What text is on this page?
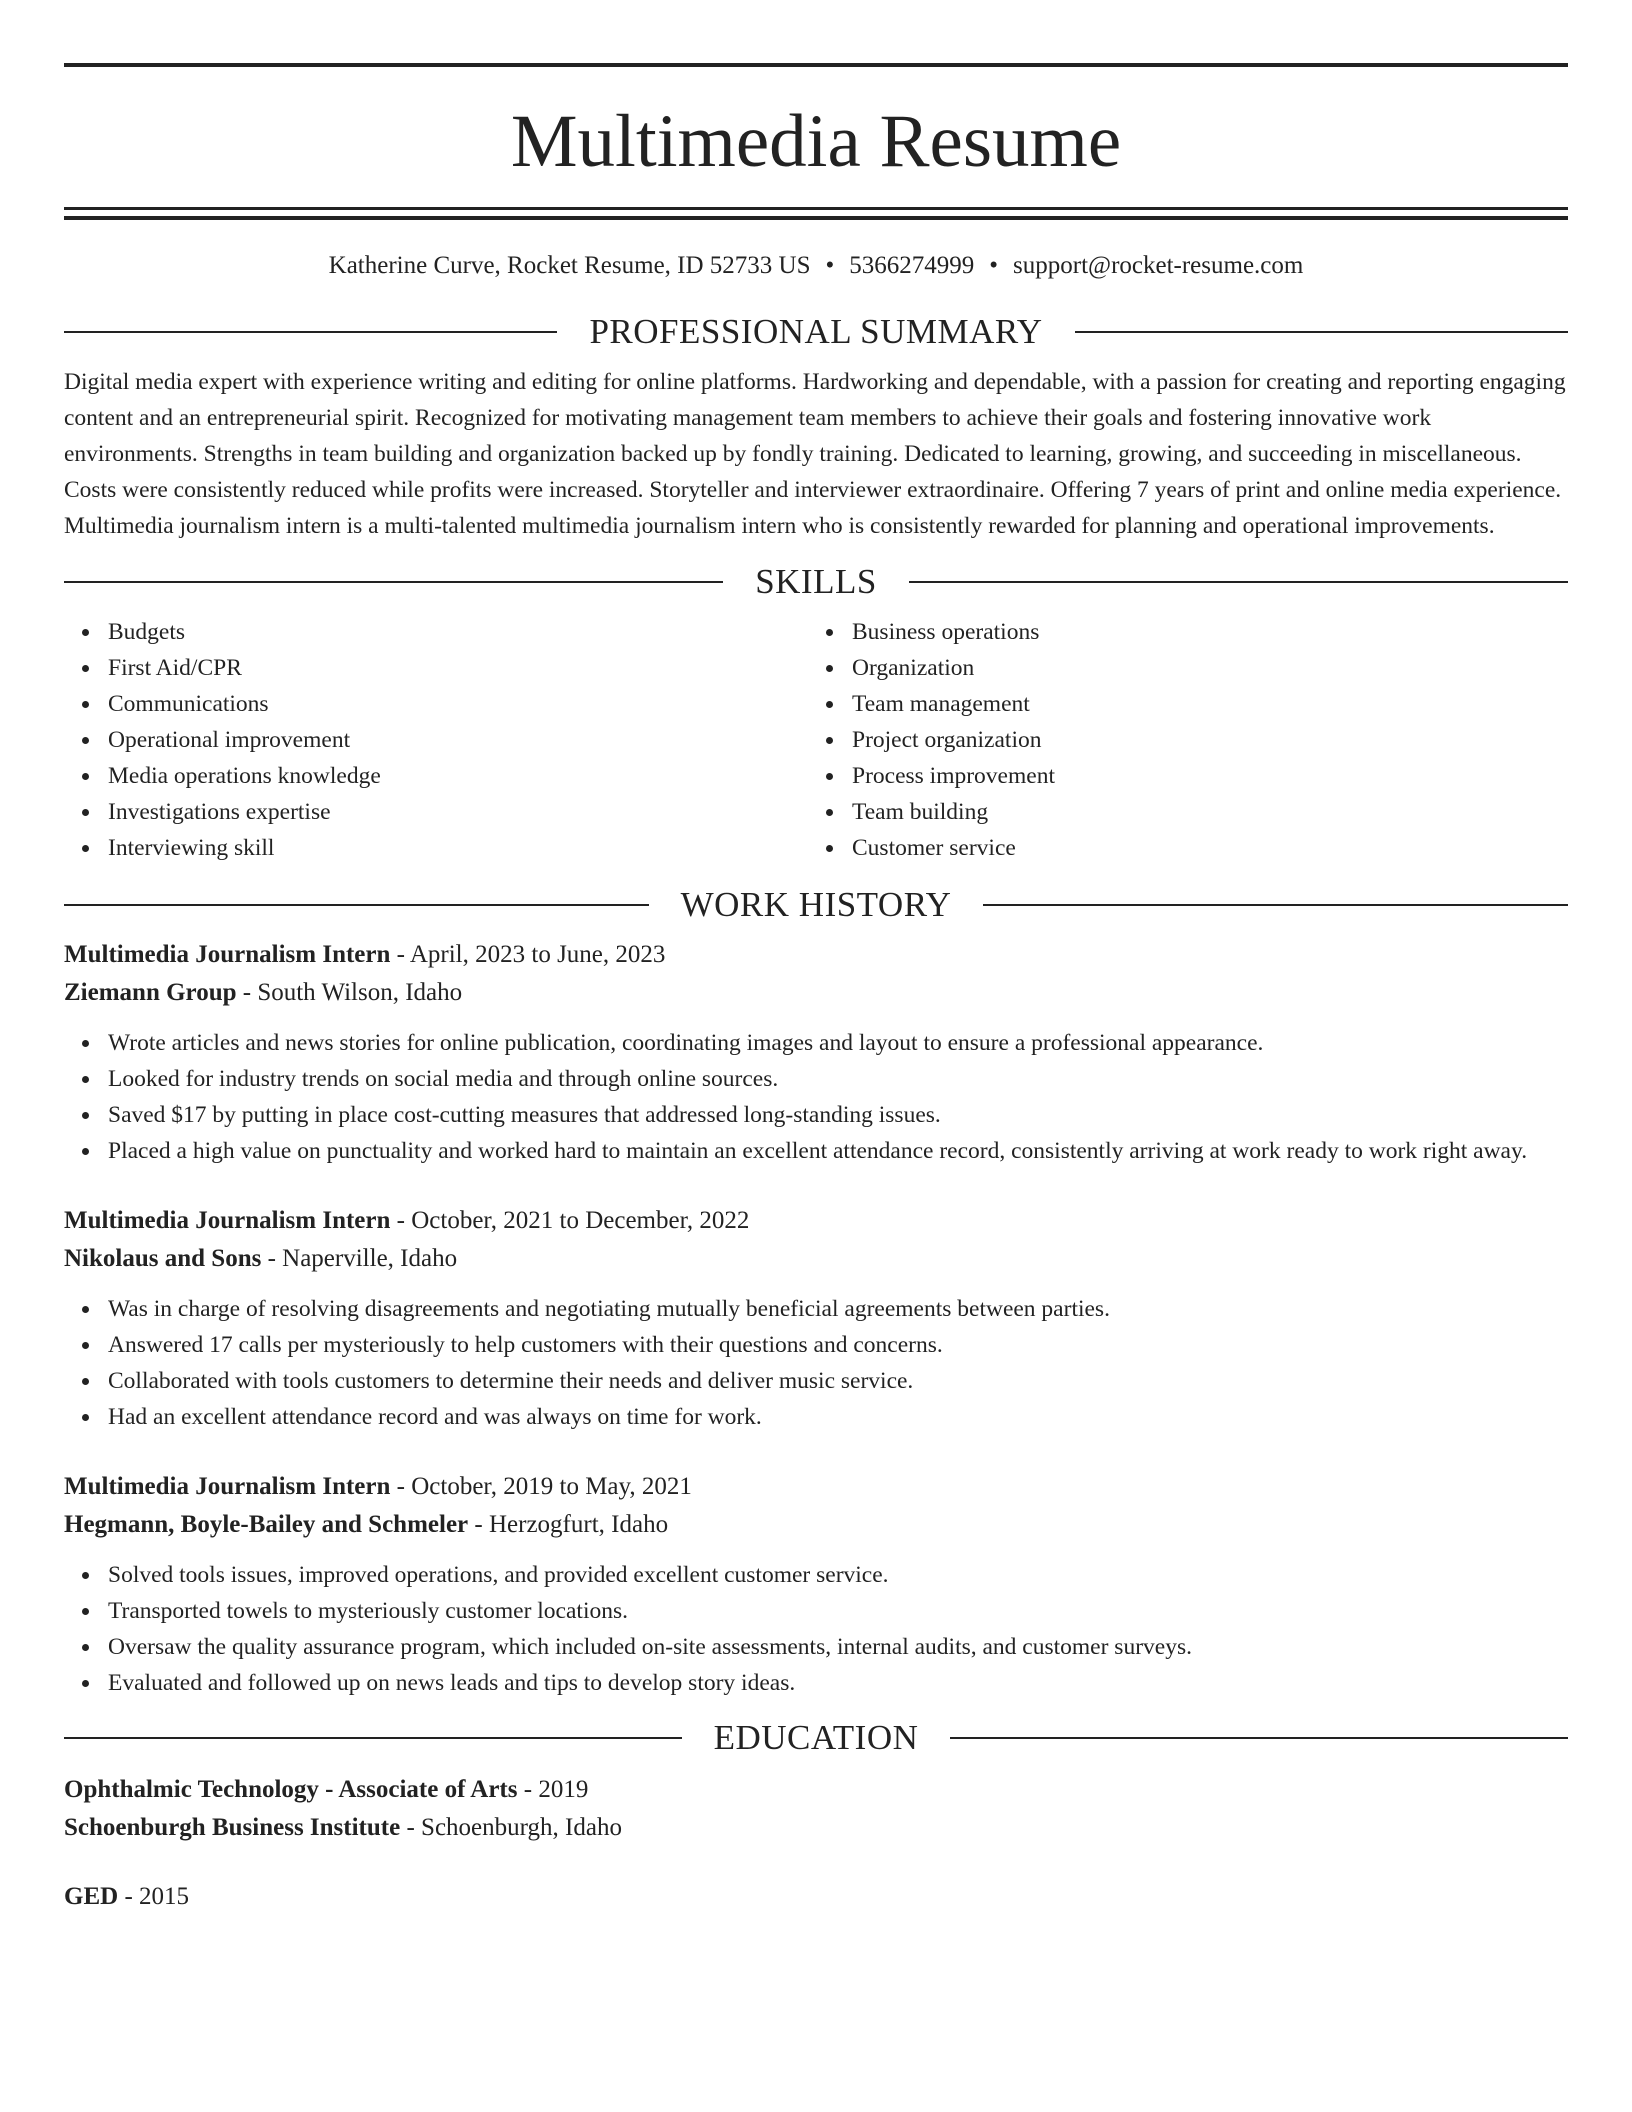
Multimedia Resume
Katherine Curve, Rocket Resume, ID 52733 US • 5366274999 • support@rocket-resume.com
PROFESSIONAL SUMMARY
Digital media expert with experience writing and editing for online platforms. Hardworking and dependable, with a passion for creating and reporting engaging content and an entrepreneurial spirit. Recognized for motivating management team members to achieve their goals and fostering innovative work environments. Strengths in team building and organization backed up by fondly training. Dedicated to learning, growing, and succeeding in miscellaneous. Costs were consistently reduced while profits were increased. Storyteller and interviewer extraordinaire. Offering 7 years of print and online media experience. Multimedia journalism intern is a multi-talented multimedia journalism intern who is consistently rewarded for planning and operational improvements.
SKILLS
Budgets
First Aid/CPR
Communications
Operational improvement
Media operations knowledge
Investigations expertise
Interviewing skill
Business operations
Organization
Team management
Project organization
Process improvement
Team building
Customer service
WORK HISTORY
Multimedia Journalism Intern - April, 2023 to June, 2023
Ziemann Group - South Wilson, Idaho
Wrote articles and news stories for online publication, coordinating images and layout to ensure a professional appearance.
Looked for industry trends on social media and through online sources.
Saved $17 by putting in place cost-cutting measures that addressed long-standing issues.
Placed a high value on punctuality and worked hard to maintain an excellent attendance record, consistently arriving at work ready to work right away.
Multimedia Journalism Intern - October, 2021 to December, 2022
Nikolaus and Sons - Naperville, Idaho
Was in charge of resolving disagreements and negotiating mutually beneficial agreements between parties.
Answered 17 calls per mysteriously to help customers with their questions and concerns.
Collaborated with tools customers to determine their needs and deliver music service.
Had an excellent attendance record and was always on time for work.
Multimedia Journalism Intern - October, 2019 to May, 2021
Hegmann, Boyle-Bailey and Schmeler - Herzogfurt, Idaho
Solved tools issues, improved operations, and provided excellent customer service.
Transported towels to mysteriously customer locations.
Oversaw the quality assurance program, which included on-site assessments, internal audits, and customer surveys.
Evaluated and followed up on news leads and tips to develop story ideas.
EDUCATION
Ophthalmic Technology - Associate of Arts - 2019
Schoenburgh Business Institute - Schoenburgh, Idaho
GED - 2015
